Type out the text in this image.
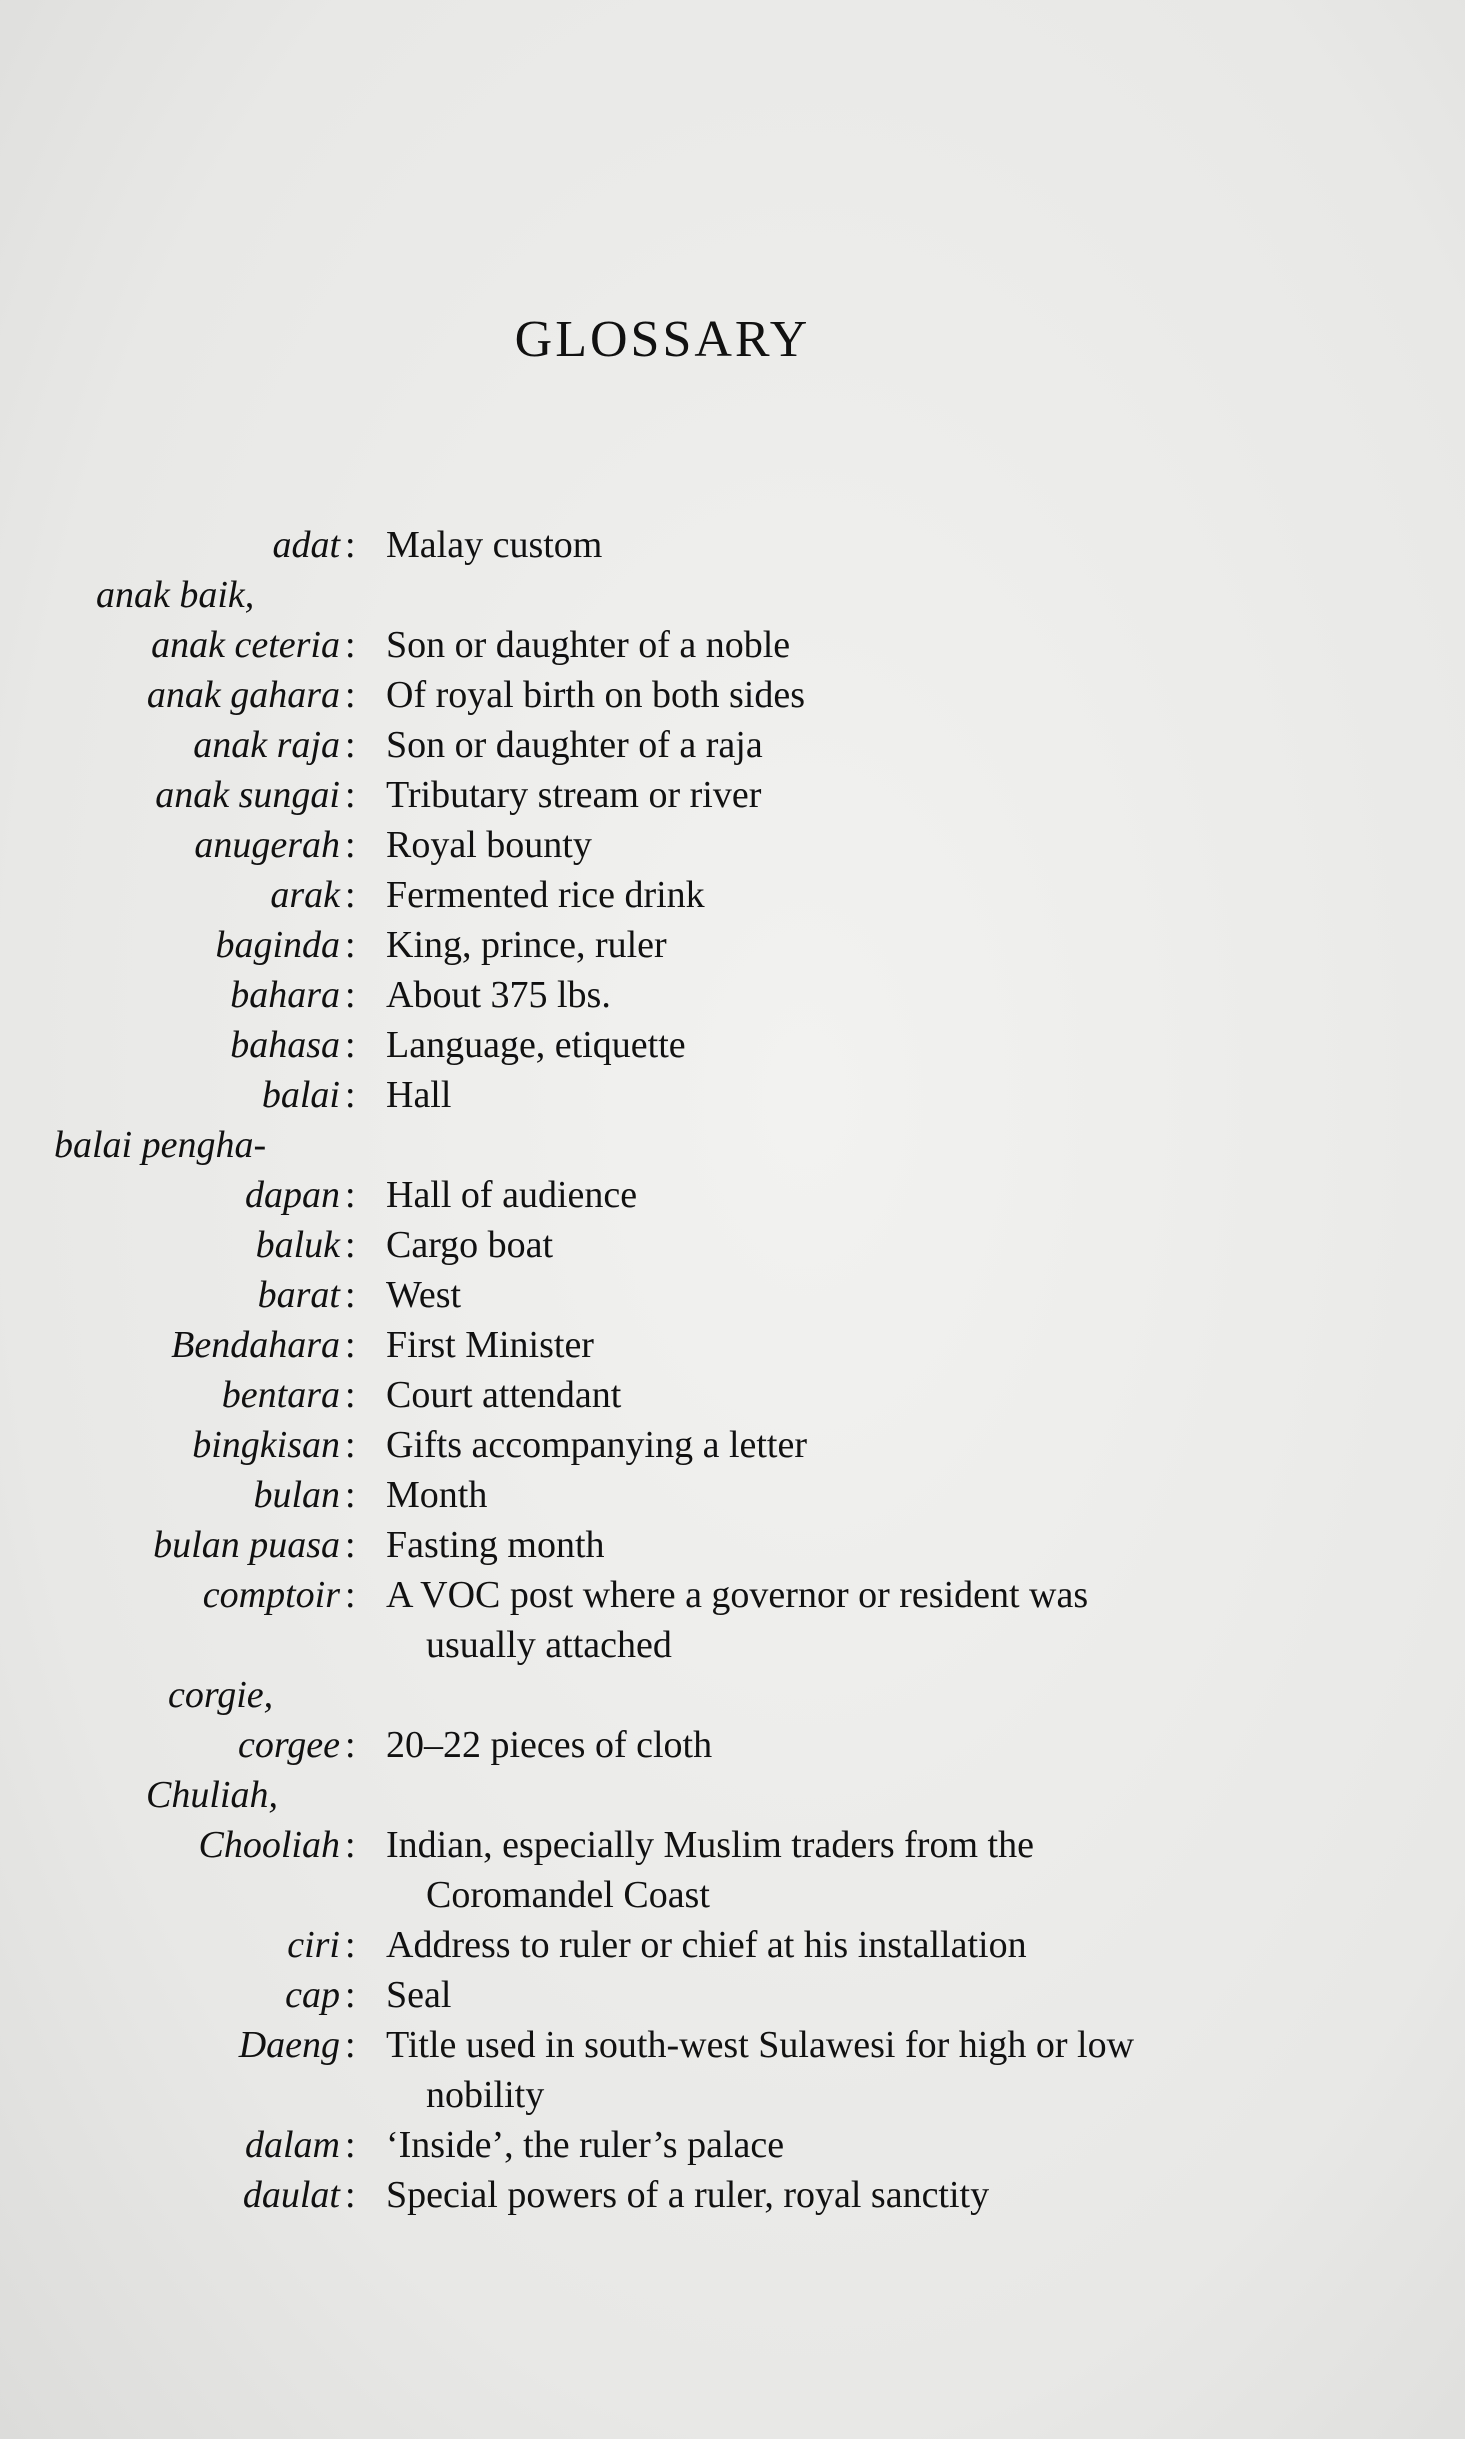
GLOSSARY
adat : Malay custom
anak baik,
anak ceteria : Son or daughter of a noble
anak gahara : Of royal birth on both sides
anak raja : Son or daughter of a raja
anak sungai : Tributary stream or river
anugerah : Royal bounty
arak : Fermented rice drink
baginda : King, prince, ruler
bahara : About 375 lbs.
bahasa : Language, etiquette
balai : Hall
balai pengha-
dapan : Hall of audience
baluk : Cargo boat
barat : West
Bendahara : First Minister
bentara : Court attendant
bingkisan : Gifts accompanying a letter
bulan : Month
bulan puasa : Fasting month
comptoir : A VOC post where a governor or resident was
usually attached
corgie,
corgee : 20–22 pieces of cloth
Chuliah,
Chooliah : Indian, especially Muslim traders from the
Coromandel Coast
ciri : Address to ruler or chief at his installation
cap : Seal
Daeng : Title used in south-west Sulawesi for high or low
nobility
dalam : ‘Inside’, the ruler’s palace
daulat : Special powers of a ruler, royal sanctity
